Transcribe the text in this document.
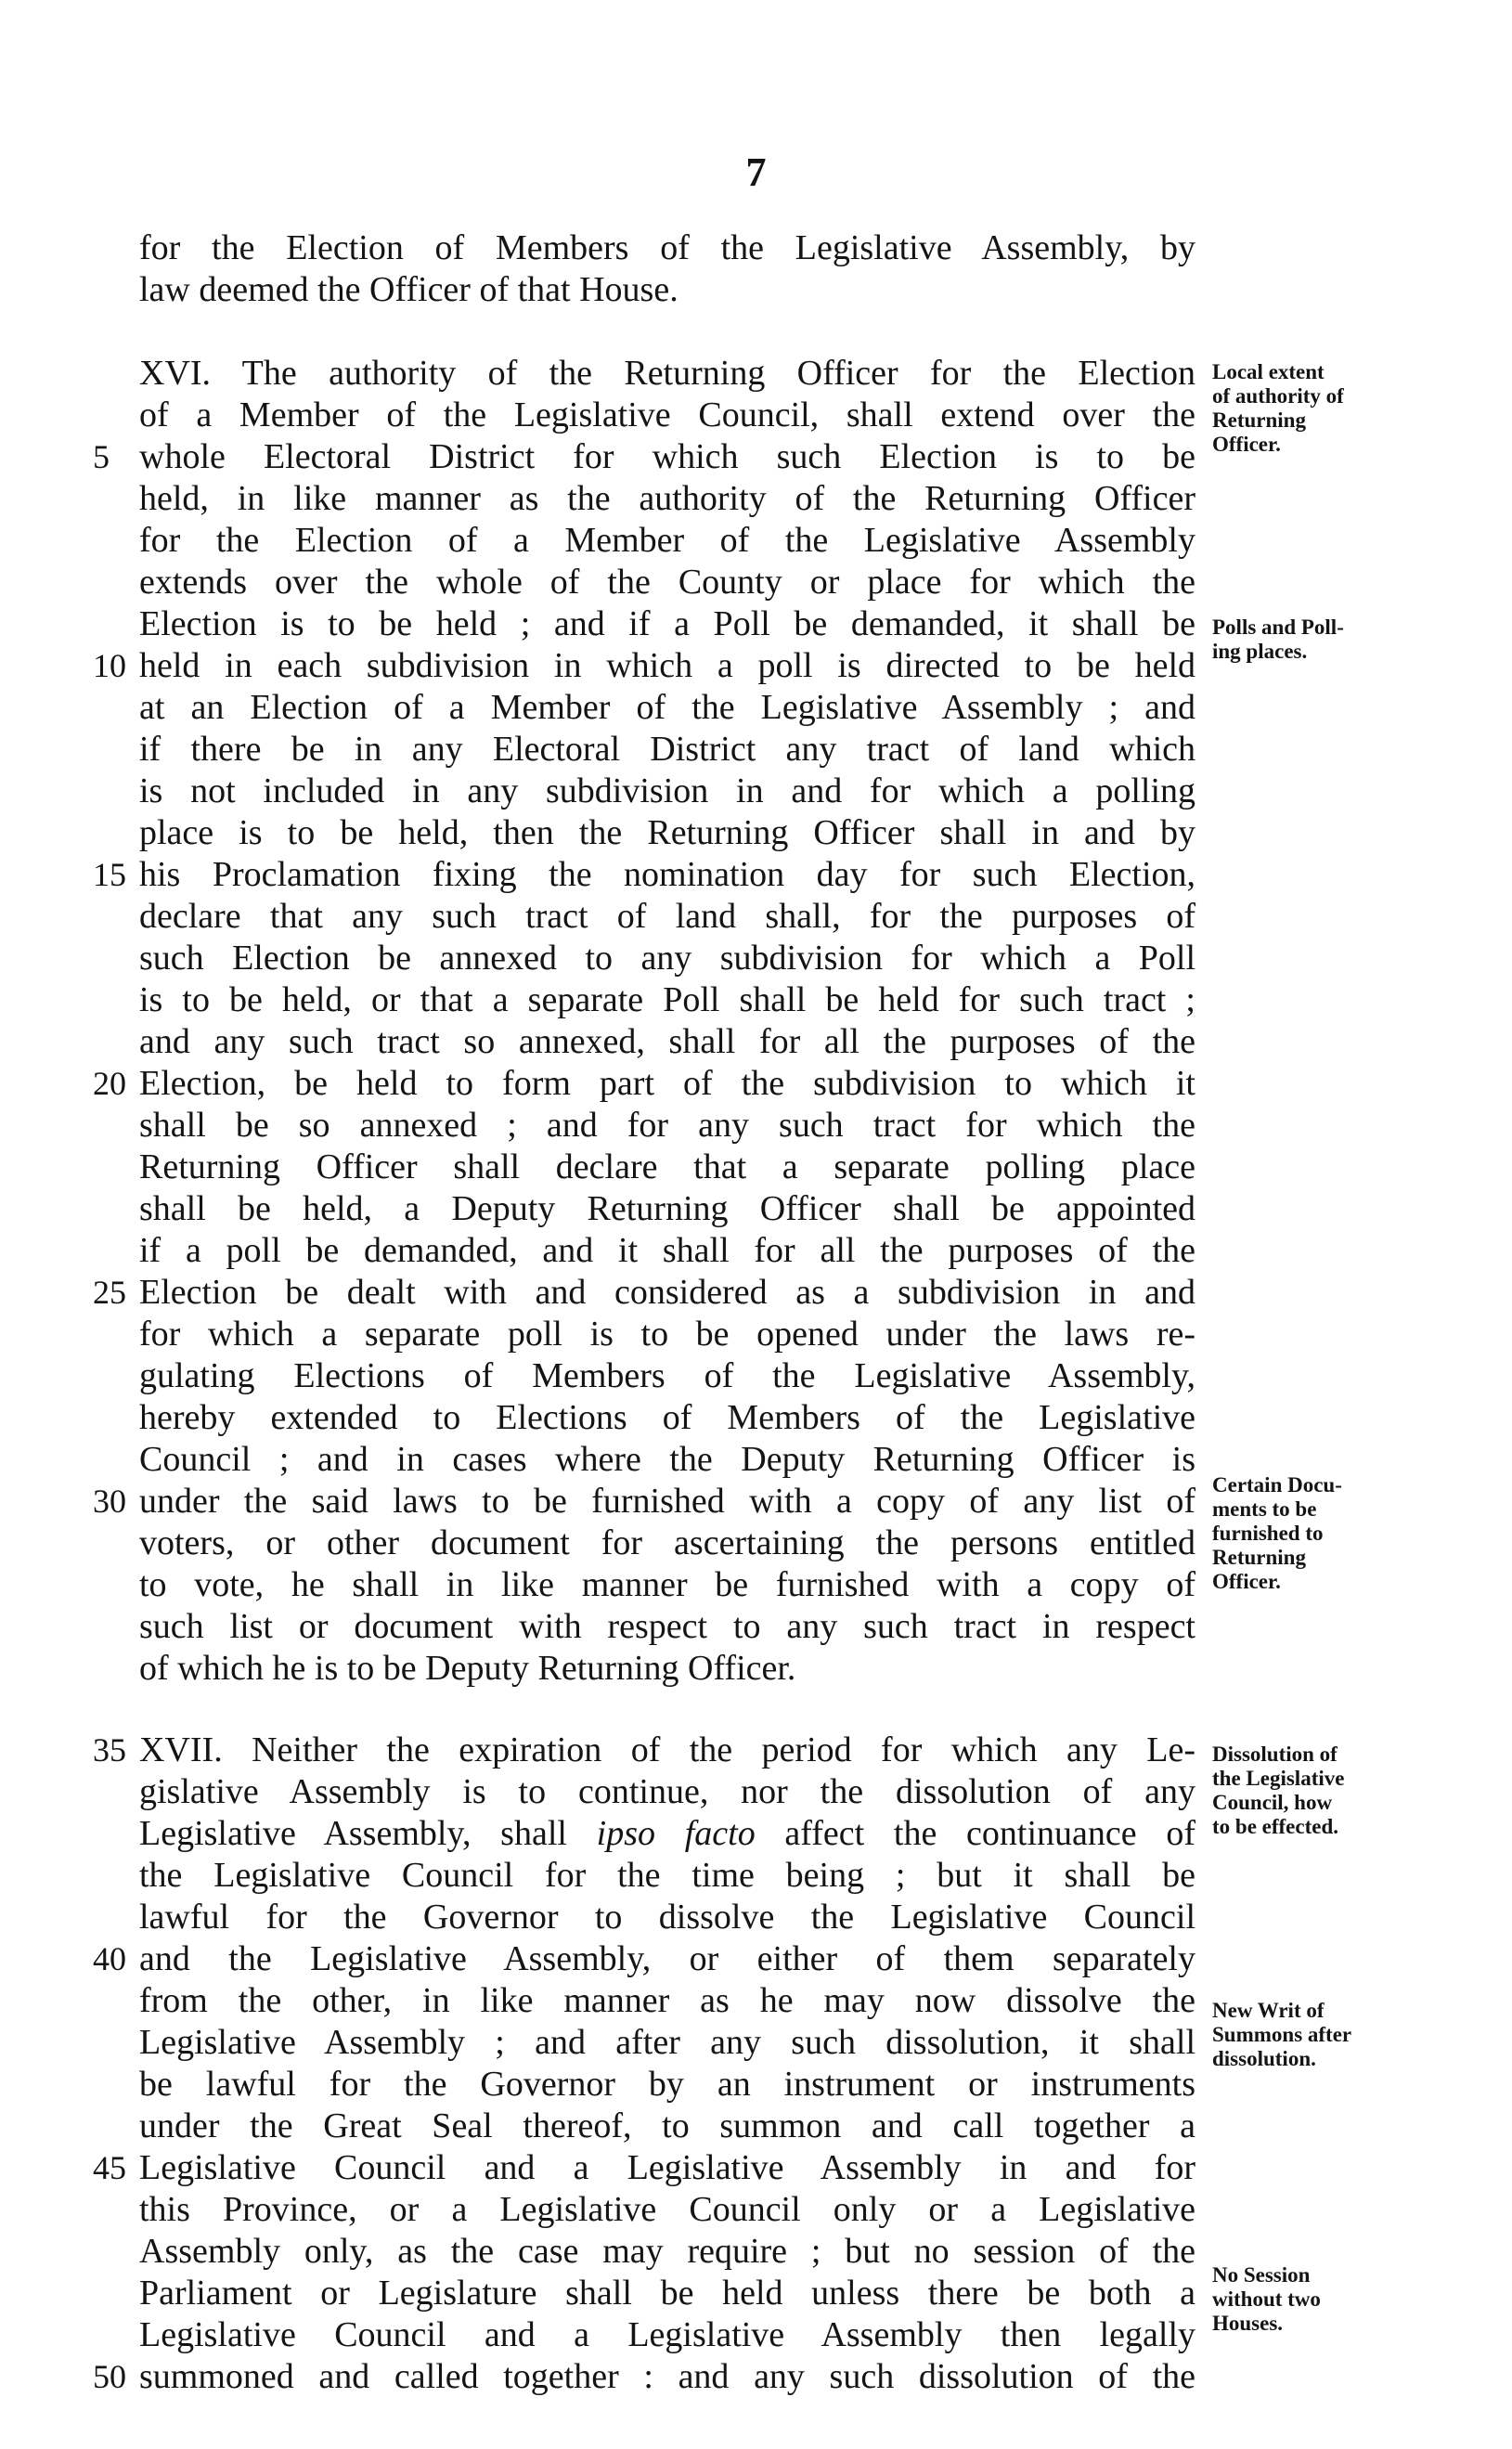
7
for the Election of Members of the Legislative Assembly, by
law deemed the Officer of that House.
XVI. The authority of the Returning Officer for the Election
of a Member of the Legislative Council, shall extend over the
5 whole Electoral District for which such Election is to be
held, in like manner as the authority of the Returning Officer
for the Election of a Member of the Legislative Assembly
extends over the whole of the County or place for which the
Election is to be held ; and if a Poll be demanded, it shall be
10 held in each subdivision in which a poll is directed to be held
at an Election of a Member of the Legislative Assembly ; and
if there be in any Electoral District any tract of land which
is not included in any subdivision in and for which a polling
place is to be held, then the Returning Officer shall in and by
15 his Proclamation fixing the nomination day for such Election,
declare that any such tract of land shall, for the purposes of
such Election be annexed to any subdivision for which a Poll
is to be held, or that a separate Poll shall be held for such tract ;
and any such tract so annexed, shall for all the purposes of the
20 Election, be held to form part of the subdivision to which it
shall be so annexed ; and for any such tract for which the
Returning Officer shall declare that a separate polling place
shall be held, a Deputy Returning Officer shall be appointed
if a poll be demanded, and it shall for all the purposes of the
25 Election be dealt with and considered as a subdivision in and
for which a separate poll is to be opened under the laws re-
gulating Elections of Members of the Legislative Assembly,
hereby extended to Elections of Members of the Legislative
Council ; and in cases where the Deputy Returning Officer is
30 under the said laws to be furnished with a copy of any list of
voters, or other document for ascertaining the persons entitled
to vote, he shall in like manner be furnished with a copy of
such list or document with respect to any such tract in respect
of which he is to be Deputy Returning Officer.
35 XVII. Neither the expiration of the period for which any Le-
gislative Assembly is to continue, nor the dissolution of any
Legislative Assembly, shall ipso facto affect the continuance of
the Legislative Council for the time being ; but it shall be
lawful for the Governor to dissolve the Legislative Council
40 and the Legislative Assembly, or either of them separately
from the other, in like manner as he may now dissolve the
Legislative Assembly ; and after any such dissolution, it shall
be lawful for the Governor by an instrument or instruments
under the Great Seal thereof, to summon and call together a
45 Legislative Council and a Legislative Assembly in and for
this Province, or a Legislative Council only or a Legislative
Assembly only, as the case may require ; but no session of the
Parliament or Legislature shall be held unless there be both a
Legislative Council and a Legislative Assembly then legally
50 summoned and called together : and any such dissolution of the
Local extent
of authority of
Returning
Officer.
Polls and Poll-
ing places.
Certain Docu-
ments to be
furnished to
Returning
Officer.
Dissolution of
the Legislative
Council, how
to be effected.
New Writ of
Summons after
dissolution.
No Session
without two
Houses.
